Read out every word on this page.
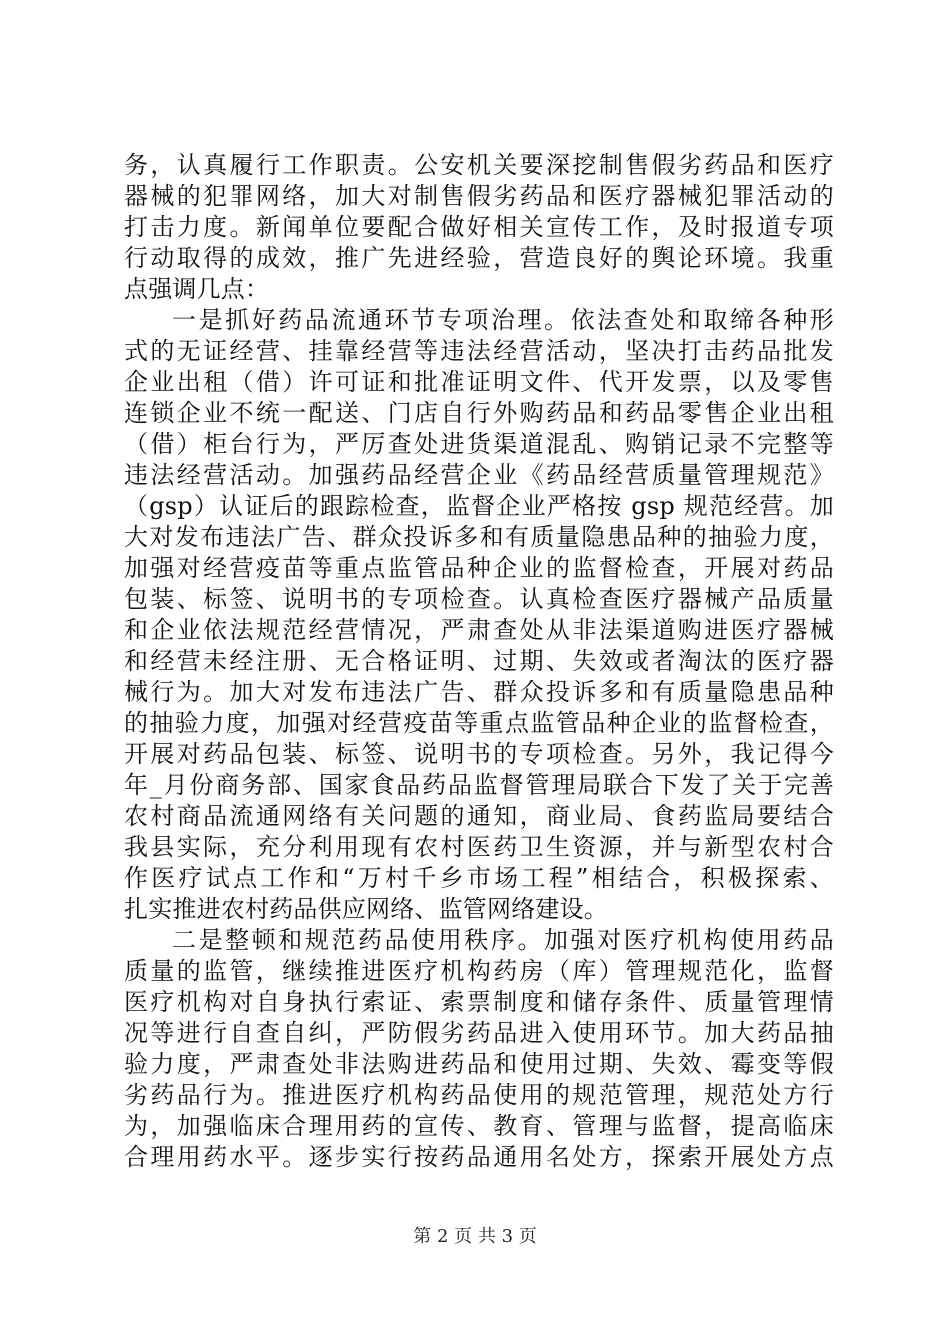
务，认真履行工作职责。公安机关要深挖制售假劣药品和医疗
器械的犯罪网络，加大对制售假劣药品和医疗器械犯罪活动的
打击力度。新闻单位要配合做好相关宣传工作，及时报道专项
行动取得的成效，推广先进经验，营造良好的舆论环境。我重
点强调几点：
一是抓好药品流通环节专项治理。依法查处和取缔各种形
式的无证经营、挂靠经营等违法经营活动，坚决打击药品批发
企业出租（借）许可证和批准证明文件、代开发票，以及零售
连锁企业不统一配送、门店自行外购药品和药品零售企业出租
（借）柜台行为，严厉查处进货渠道混乱、购销记录不完整等
违法经营活动。加强药品经营企业《药品经营质量管理规范》
（gsp）认证后的跟踪检查，监督企业严格按 gsp 规范经营。加
大对发布违法广告、群众投诉多和有质量隐患品种的抽验力度，
加强对经营疫苗等重点监管品种企业的监督检查，开展对药品
包装、标签、说明书的专项检查。认真检查医疗器械产品质量
和企业依法规范经营情况，严肃查处从非法渠道购进医疗器械
和经营未经注册、无合格证明、过期、失效或者淘汰的医疗器
械行为。加大对发布违法广告、群众投诉多和有质量隐患品种
的抽验力度，加强对经营疫苗等重点监管品种企业的监督检查，
开展对药品包装、标签、说明书的专项检查。另外，我记得今
年_月份商务部、国家食品药品监督管理局联合下发了关于完善
农村商品流通网络有关问题的通知，商业局、食药监局要结合
我县实际，充分利用现有农村医药卫生资源，并与新型农村合
作医疗试点工作和“万村千乡市场工程”相结合，积极探索、
扎实推进农村药品供应网络、监管网络建设。
二是整顿和规范药品使用秩序。加强对医疗机构使用药品
质量的监管，继续推进医疗机构药房（库）管理规范化，监督
医疗机构对自身执行索证、索票制度和储存条件、质量管理情
况等进行自查自纠，严防假劣药品进入使用环节。加大药品抽
验力度，严肃查处非法购进药品和使用过期、失效、霉变等假
劣药品行为。推进医疗机构药品使用的规范管理，规范处方行
为，加强临床合理用药的宣传、教育、管理与监督，提高临床
合理用药水平。逐步实行按药品通用名处方，探索开展处方点
第 2 页 共 3 页
